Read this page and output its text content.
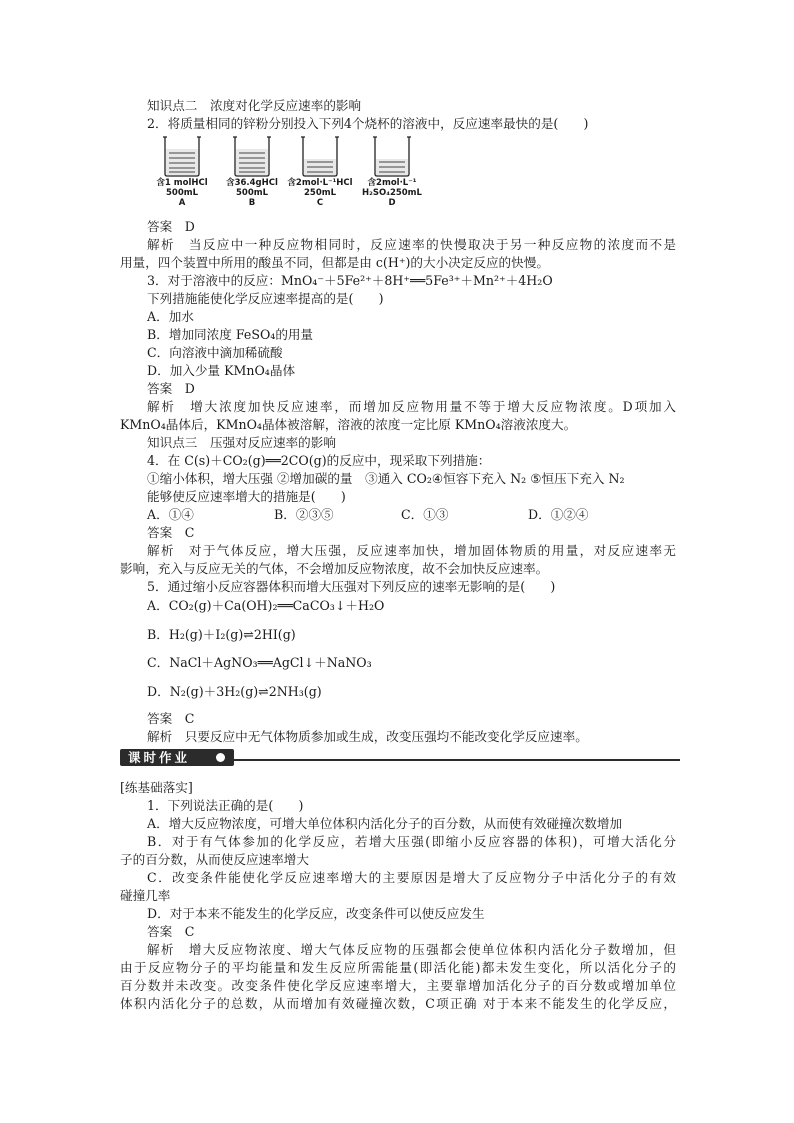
知识点二　浓度对化学反应速率的影响
2．将质量相同的锌粉分别投入下列4个烧杯的溶液中，反应速率最快的是(　　)
含1 molHCl
500mL
A
含36.4gHCl
500mL
B
含2mol·L⁻¹HCl
250mL
C
含2mol·L⁻¹
H₂SO₄250mL
D
答案　D
解析　当反应中一种反应物相同时，反应速率的快慢取决于另一种反应物的浓度而不是
用量，四个装置中所用的酸虽不同，但都是由 c(H⁺)的大小决定反应的快慢。
3．对于溶液中的反应：MnO₄⁻＋5Fe²⁺＋8H⁺══5Fe³⁺＋Mn²⁺＋4H₂O
下列措施能使化学反应速率提高的是(　　)
A．加水
B．增加同浓度 FeSO₄的用量
C．向溶液中滴加稀硫酸
D．加入少量 KMnO₄晶体
答案　D
解析　增大浓度加快反应速率，而增加反应物用量不等于增大反应物浓度。D项加入
KMnO₄晶体后，KMnO₄晶体被溶解，溶液的浓度一定比原 KMnO₄溶液浓度大。
知识点三　压强对反应速率的影响
4．在 C(s)＋CO₂(g)══2CO(g)的反应中，现采取下列措施：
①缩小体积，增大压强 ②增加碳的量　③通入 CO₂④恒容下充入 N₂ ⑤恒压下充入 N₂
能够使反应速率增大的措施是(　　)
A．①④	B．②③⑤	C．①③	D．①②④
答案　C
解析　对于气体反应，增大压强，反应速率加快，增加固体物质的用量，对反应速率无
影响，充入与反应无关的气体，不会增加反应物浓度，故不会加快反应速率。
5．通过缩小反应容器体积而增大压强对下列反应的速率无影响的是(　　)
A．CO₂(g)＋Ca(OH)₂══CaCO₃↓＋H₂O
B．H₂(g)＋I₂(g)⇌2HI(g)
C．NaCl＋AgNO₃══AgCl↓＋NaNO₃
D．N₂(g)＋3H₂(g)⇌2NH₃(g)
答案　C
解析　只要反应中无气体物质参加或生成，改变压强均不能改变化学反应速率。
课时作业
[练基础落实]
1．下列说法正确的是(　　)
A．增大反应物浓度，可增大单位体积内活化分子的百分数，从而使有效碰撞次数增加
B．对于有气体参加的化学反应，若增大压强(即缩小反应容器的体积)，可增大活化分
子的百分数，从而使反应速率增大
C．改变条件能使化学反应速率增大的主要原因是增大了反应物分子中活化分子的有效
碰撞几率
D．对于本来不能发生的化学反应，改变条件可以使反应发生
答案　C
解析　增大反应物浓度、增大气体反应物的压强都会使单位体积内活化分子数增加，但
由于反应物分子的平均能量和发生反应所需能量(即活化能)都未发生变化，所以活化分子的
百分数并未改变。改变条件使化学反应速率增大，主要靠增加活化分子的百分数或增加单位
体积内活化分子的总数，从而增加有效碰撞次数，C项正确 对于本来不能发生的化学反应，
